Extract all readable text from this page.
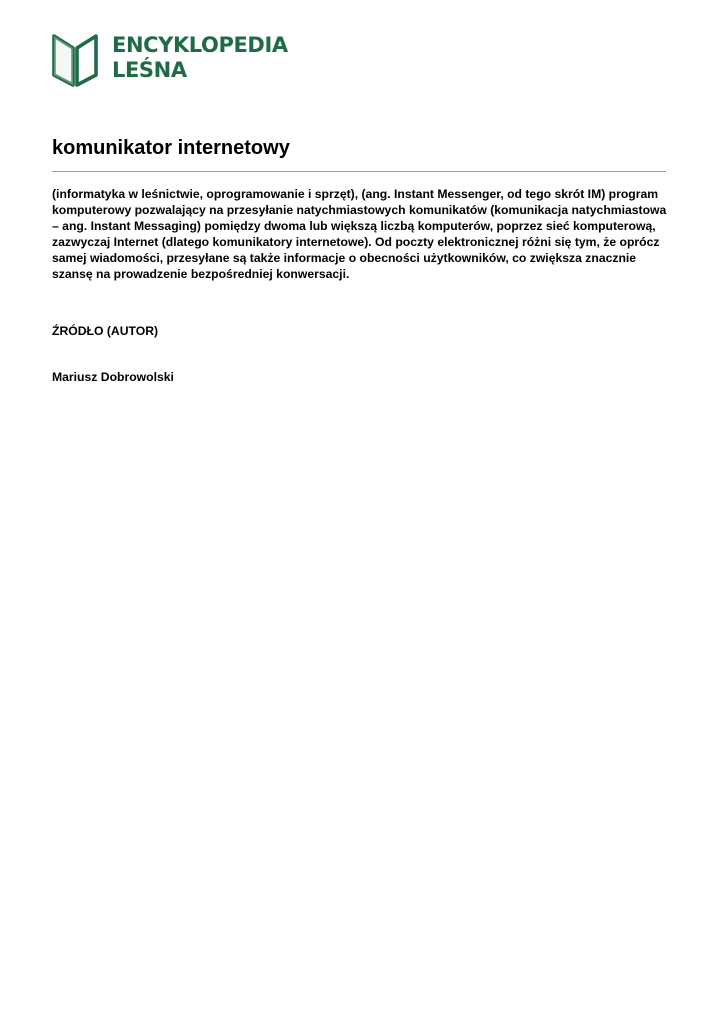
ENCYKLOPEDIA
LEŚNA
komunikator internetowy

(informatyka w leśnictwie, oprogramowanie i sprzęt), (ang. Instant Messenger, od tego skrót IM) program komputerowy pozwalający na przesyłanie natychmiastowych komunikatów (komunikacja natychmiastowa – ang. Instant Messaging) pomiędzy dwoma lub większą liczbą komputerów, poprzez sieć komputerową, zazwyczaj Internet (dlatego komunikatory internetowe). Od poczty elektronicznej różni się tym, że oprócz samej wiadomości, przesyłane są także informacje o obecności użytkowników, co zwiększa znacznie szansę na prowadzenie bezpośredniej konwersacji.

ŹRÓDŁO (AUTOR)

Mariusz Dobrowolski
